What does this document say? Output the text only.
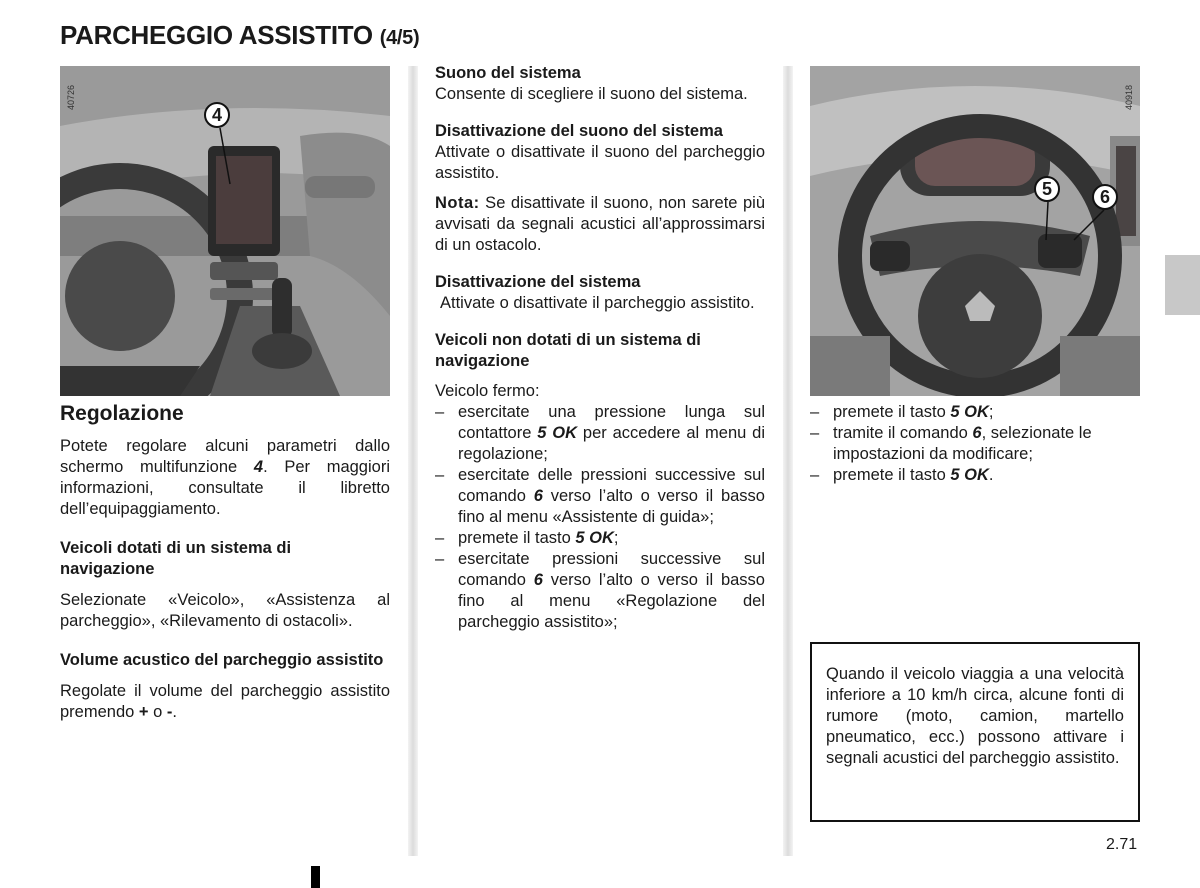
PARCHEGGIO ASSISTITO (4/5)
40726
4
Regolazione

Potete regolare alcuni parametri dallo schermo multifunzione 4. Per maggiori informazioni, consultate il libretto dell’equipaggiamento.

Veicoli dotati di un sistema di navigazione

Selezionate «Veicolo», «Assistenza al parcheggio», «Rilevamento di ostacoli».

Volume acustico del parcheggio assistito

Regolate il volume del parcheggio assistito premendo + o -.

Suono del sistema

Consente di scegliere il suono del sistema.

Disattivazione del suono del sistema

Attivate o disattivate il suono del parcheggio assistito.

Nota: Se disattivate il suono, non sarete più avvisati da segnali acustici all’approssimarsi di un ostacolo.

Disattivazione del sistema

Attivate o disattivate il parcheggio assistito.

Veicoli non dotati di un sistema di navigazione

Veicolo fermo:

– esercitate una pressione lunga sul contattore 5 OK per accedere al menu di regolazione;
– esercitate delle pressioni successive sul comando 6 verso l’alto o verso il basso fino al menu «Assistente di guida»;
– premete il tasto 5 OK;
– esercitate pressioni successive sul comando 6 verso l’alto o verso il basso fino al menu «Regolazione del parcheggio assistito»;
40918
5	6
– premete il tasto 5 OK;
– tramite il comando 6, selezionate le impostazioni da modificare;
– premete il tasto 5 OK.

Quando il veicolo viaggia a una velocità inferiore a 10 km/h circa, alcune fonti di rumore (moto, camion, martello pneumatico, ecc.) possono attivare i segnali acustici del parcheggio assistito.

2.71
